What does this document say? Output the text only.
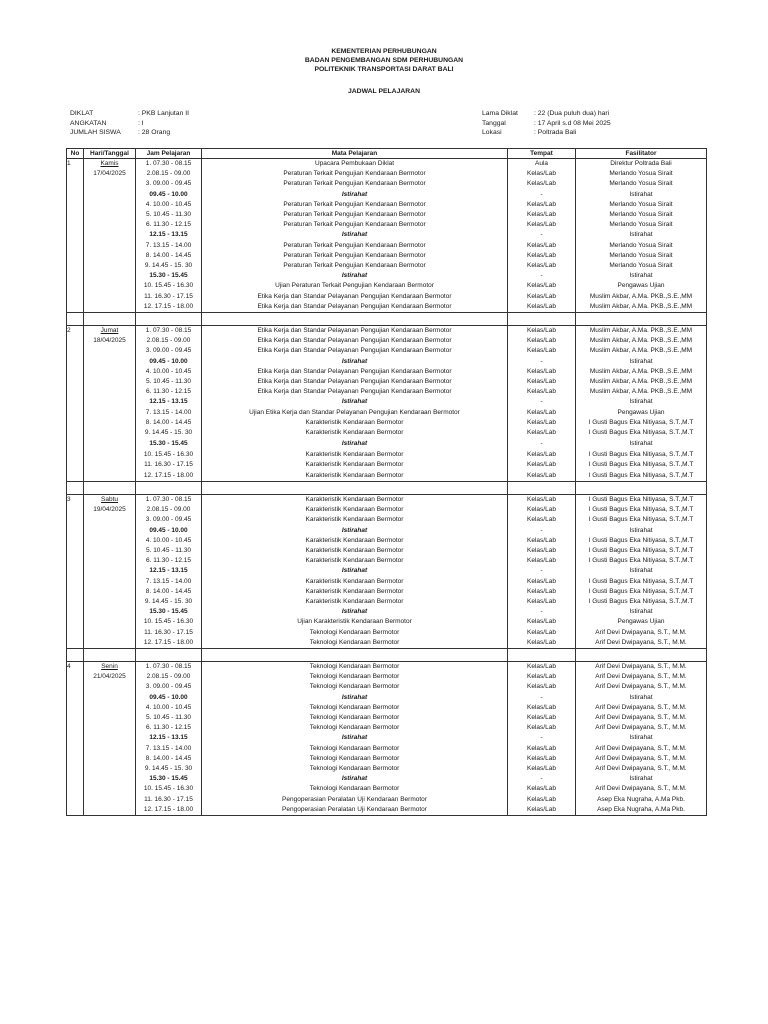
KEMENTERIAN PERHUBUNGAN
BADAN PENGEMBANGAN SDM PERHUBUNGAN
POLITEKNIK TRANSPORTASI DARAT BALI
JADWAL PELAJARAN
DIKLAT	: PKB Lanjutan II
ANGKATAN	: I
JUMLAH SISWA	: 28 Orang
Lama Diklat : 22 (Dua puluh dua) hari
Tanggal	: 17 April s.d 08 Mei 2025
Lokasi	: Poltrada Bali
No	Hari/Tanggal	Jam Pelajaran	Mata Pelajaran	Tempat	Fasilitator
1	Kamis	1. 07.30 - 08.15	Upacara Pembukaan Diklat	Aula	Direktur Poltrada Bali
	17/04/2025	2.08.15 - 09.00	Peraturan Terkait Pengujian Kendaraan Bermotor	Kelas/Lab	Merlando Yosua Sirait
		3. 09.00 - 09.45	Peraturan Terkait Pengujian Kendaraan Bermotor	Kelas/Lab	Merlando Yosua Sirait
		09.45 - 10.00	Istirahat	-	Istirahat
		4. 10.00 - 10.45	Peraturan Terkait Pengujian Kendaraan Bermotor	Kelas/Lab	Merlando Yosua Sirait
		5. 10.45 - 11.30	Peraturan Terkait Pengujian Kendaraan Bermotor	Kelas/Lab	Merlando Yosua Sirait
		6. 11.30 - 12.15	Peraturan Terkait Pengujian Kendaraan Bermotor	Kelas/Lab	Merlando Yosua Sirait
		12.15 - 13.15	Istirahat	-	Istirahat
		7. 13.15 - 14.00	Peraturan Terkait Pengujian Kendaraan Bermotor	Kelas/Lab	Merlando Yosua Sirait
		8. 14.00 - 14.45	Peraturan Terkait Pengujian Kendaraan Bermotor	Kelas/Lab	Merlando Yosua Sirait
		9. 14.45 - 15. 30	Peraturan Terkait Pengujian Kendaraan Bermotor	Kelas/Lab	Merlando Yosua Sirait
		15.30 - 15.45	Istirahat	-	Istirahat
		10. 15.45 - 16.30	Ujian Peraturan Terkait Pengujian Kendaraan Bermotor	Kelas/Lab	Pengawas Ujian
		11. 16.30 - 17.15	Etika Kerja dan Standar Pelayanan Pengujian Kendaraan Bermotor	Kelas/Lab	Muslim Akbar, A.Ma. PKB.,S.E.,MM
		12. 17.15 - 18.00	Etika Kerja dan Standar Pelayanan Pengujian Kendaraan Bermotor	Kelas/Lab	Muslim Akbar, A.Ma. PKB.,S.E.,MM

2	Jumat	1. 07.30 - 08.15	Etika Kerja dan Standar Pelayanan Pengujian Kendaraan Bermotor	Kelas/Lab	Muslim Akbar, A.Ma. PKB.,S.E.,MM
	18/04/2025	2.08.15 - 09.00	Etika Kerja dan Standar Pelayanan Pengujian Kendaraan Bermotor	Kelas/Lab	Muslim Akbar, A.Ma. PKB.,S.E.,MM
		3. 09.00 - 09.45	Etika Kerja dan Standar Pelayanan Pengujian Kendaraan Bermotor	Kelas/Lab	Muslim Akbar, A.Ma. PKB.,S.E.,MM
		09.45 - 10.00	Istirahat	-	Istirahat
		4. 10.00 - 10.45	Etika Kerja dan Standar Pelayanan Pengujian Kendaraan Bermotor	Kelas/Lab	Muslim Akbar, A.Ma. PKB.,S.E.,MM
		5. 10.45 - 11.30	Etika Kerja dan Standar Pelayanan Pengujian Kendaraan Bermotor	Kelas/Lab	Muslim Akbar, A.Ma. PKB.,S.E.,MM
		6. 11.30 - 12.15	Etika Kerja dan Standar Pelayanan Pengujian Kendaraan Bermotor	Kelas/Lab	Muslim Akbar, A.Ma. PKB.,S.E.,MM
		12.15 - 13.15	Istirahat	-	Istirahat
		7. 13.15 - 14.00	Ujian Etika Kerja dan Standar Pelayanan Pengujian Kendaraan Bermotor	Kelas/Lab	Pengawas Ujian
		8. 14.00 - 14.45	Karakteristik Kendaraan Bermotor	Kelas/Lab	I Gusti Bagus Eka Nitiyasa, S.T.,M.T
		9. 14.45 - 15. 30	Karakteristik Kendaraan Bermotor	Kelas/Lab	I Gusti Bagus Eka Nitiyasa, S.T.,M.T
		15.30 - 15.45	Istirahat	-	Istirahat
		10. 15.45 - 16.30	Karakteristik Kendaraan Bermotor	Kelas/Lab	I Gusti Bagus Eka Nitiyasa, S.T.,M.T
		11. 16.30 - 17.15	Karakteristik Kendaraan Bermotor	Kelas/Lab	I Gusti Bagus Eka Nitiyasa, S.T.,M.T
		12. 17.15 - 18.00	Karakteristik Kendaraan Bermotor	Kelas/Lab	I Gusti Bagus Eka Nitiyasa, S.T.,M.T

3	Sabtu	1. 07.30 - 08.15	Karakteristik Kendaraan Bermotor	Kelas/Lab	I Gusti Bagus Eka Nitiyasa, S.T.,M.T
	19/04/2025	2.08.15 - 09.00	Karakteristik Kendaraan Bermotor	Kelas/Lab	I Gusti Bagus Eka Nitiyasa, S.T.,M.T
		3. 09.00 - 09.45	Karakteristik Kendaraan Bermotor	Kelas/Lab	I Gusti Bagus Eka Nitiyasa, S.T.,M.T
		09.45 - 10.00	Istirahat	-	Istirahat
		4. 10.00 - 10.45	Karakteristik Kendaraan Bermotor	Kelas/Lab	I Gusti Bagus Eka Nitiyasa, S.T.,M.T
		5. 10.45 - 11.30	Karakteristik Kendaraan Bermotor	Kelas/Lab	I Gusti Bagus Eka Nitiyasa, S.T.,M.T
		6. 11.30 - 12.15	Karakteristik Kendaraan Bermotor	Kelas/Lab	I Gusti Bagus Eka Nitiyasa, S.T.,M.T
		12.15 - 13.15	Istirahat	-	Istirahat
		7. 13.15 - 14.00	Karakteristik Kendaraan Bermotor	Kelas/Lab	I Gusti Bagus Eka Nitiyasa, S.T.,M.T
		8. 14.00 - 14.45	Karakteristik Kendaraan Bermotor	Kelas/Lab	I Gusti Bagus Eka Nitiyasa, S.T.,M.T
		9. 14.45 - 15. 30	Karakteristik Kendaraan Bermotor	Kelas/Lab	I Gusti Bagus Eka Nitiyasa, S.T.,M.T
		15.30 - 15.45	Istirahat	-	Istirahat
		10. 15.45 - 16.30	Ujian Karakteristik Kendaraan Bermotor	Kelas/Lab	Pengawas Ujian
		11. 16.30 - 17.15	Teknologi Kendaraan Bermotor	Kelas/Lab	Arif Devi Dwipayana, S.T., M.M.
		12. 17.15 - 18.00	Teknologi Kendaraan Bermotor	Kelas/Lab	Arif Devi Dwipayana, S.T., M.M.

4	Senin	1. 07.30 - 08.15	Teknologi Kendaraan Bermotor	Kelas/Lab	Arif Devi Dwipayana, S.T., M.M.
	21/04/2025	2.08.15 - 09.00	Teknologi Kendaraan Bermotor	Kelas/Lab	Arif Devi Dwipayana, S.T., M.M.
		3. 09.00 - 09.45	Teknologi Kendaraan Bermotor	Kelas/Lab	Arif Devi Dwipayana, S.T., M.M.
		09.45 - 10.00	Istirahat	-	Istirahat
		4. 10.00 - 10.45	Teknologi Kendaraan Bermotor	Kelas/Lab	Arif Devi Dwipayana, S.T., M.M.
		5. 10.45 - 11.30	Teknologi Kendaraan Bermotor	Kelas/Lab	Arif Devi Dwipayana, S.T., M.M.
		6. 11.30 - 12.15	Teknologi Kendaraan Bermotor	Kelas/Lab	Arif Devi Dwipayana, S.T., M.M.
		12.15 - 13.15	Istirahat	-	Istirahat
		7. 13.15 - 14.00	Teknologi Kendaraan Bermotor	Kelas/Lab	Arif Devi Dwipayana, S.T., M.M.
		8. 14.00 - 14.45	Teknologi Kendaraan Bermotor	Kelas/Lab	Arif Devi Dwipayana, S.T., M.M.
		9. 14.45 - 15. 30	Teknologi Kendaraan Bermotor	Kelas/Lab	Arif Devi Dwipayana, S.T., M.M.
		15.30 - 15.45	Istirahat	-	Istirahat
		10. 15.45 - 16.30	Teknologi Kendaraan Bermotor	Kelas/Lab	Arif Devi Dwipayana, S.T., M.M.
		11. 16.30 - 17.15	Pengoperasian Peralatan Uji Kendaraan Bermotor	Kelas/Lab	Asep Eka Nugraha, A.Ma Pkb.
		12. 17.15 - 18.00	Pengoperasian Peralatan Uji Kendaraan Bermotor	Kelas/Lab	Asep Eka Nugraha, A.Ma Pkb.
